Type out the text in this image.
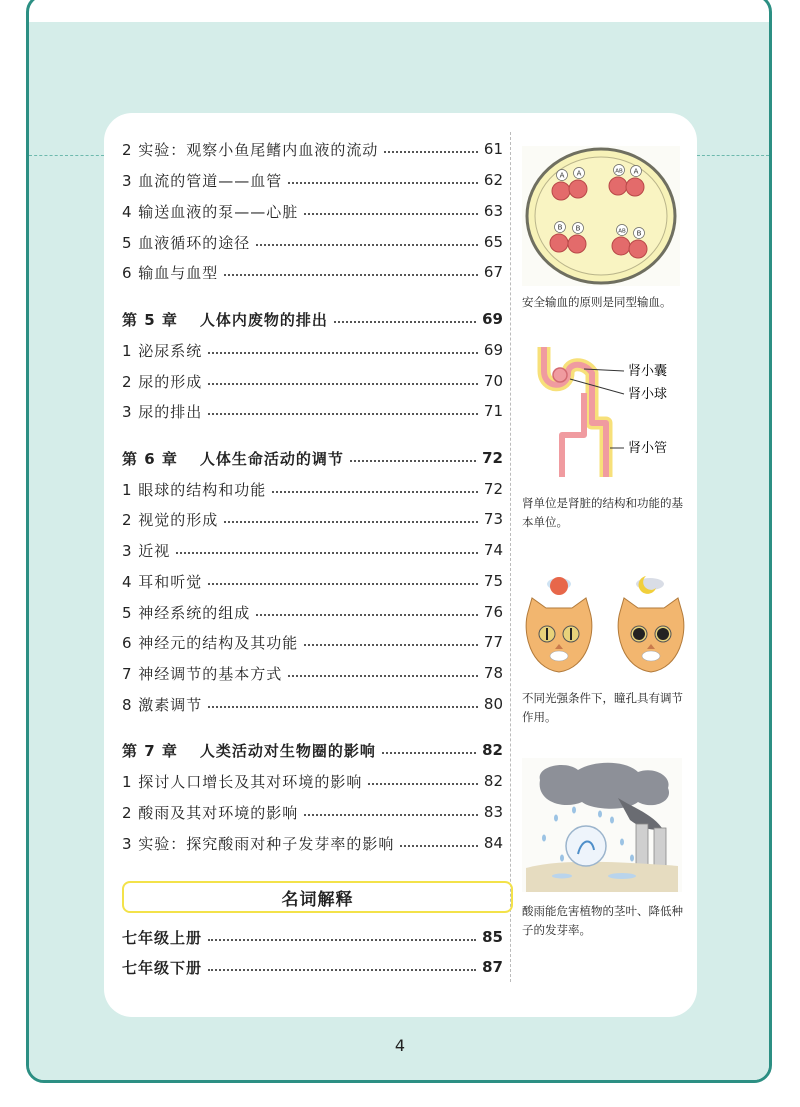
2 实验：观察小鱼尾鳍内血液的流动	61
3 血流的管道——血管	62
4 输送血液的泵——心脏	63
5 血液循环的途径	65
6 输血与血型	67
第 5 章 人体内废物的排出	69
1 泌尿系统	69
2 尿的形成	70
3 尿的排出	71
第 6 章 人体生命活动的调节	72
1 眼球的结构和功能	72
2 视觉的形成	73
3 近视	74
4 耳和听觉	75
5 神经系统的组成	76
6 神经元的结构及其功能	77
7 神经调节的基本方式	78
8 激素调节	80
第 7 章 人类活动对生物圈的影响	82
1 探讨人口增长及其对环境的影响	82
2 酸雨及其对环境的影响	83
3 实验：探究酸雨对种子发芽率的影响	84
名词解释
七年级上册	85
七年级下册	87
A A	AB A
B B	AB B
安全输血的原则是同型输血。
肾小囊
肾小球
肾小管
肾单位是肾脏的结构和功能的基本单位。
不同光强条件下，瞳孔具有调节作用。
酸雨能危害植物的茎叶、降低种子的发芽率。
4
